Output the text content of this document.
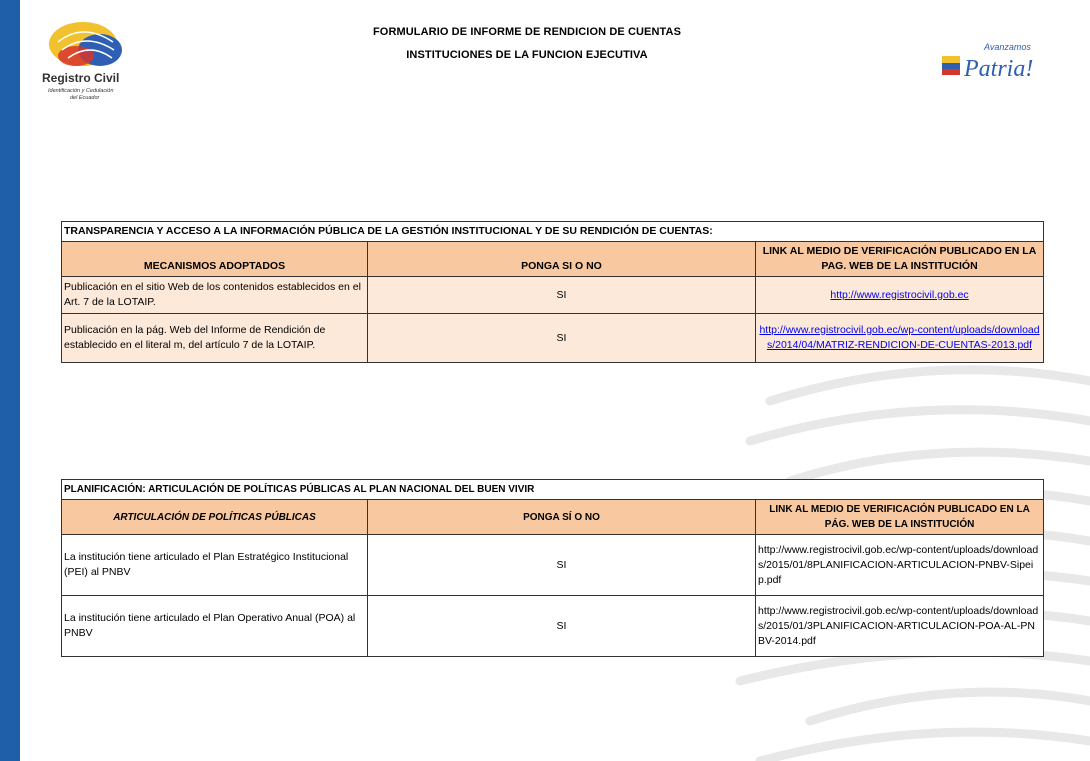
Registro Civil
Identificación y Cedulación
del Ecuador
Avanzamos
Patria!
FORMULARIO DE INFORME DE RENDICION DE CUENTAS
INSTITUCIONES DE LA FUNCION EJECUTIVA
TRANSPARENCIA Y ACCESO A LA INFORMACIÓN PÚBLICA DE LA GESTIÓN INSTITUCIONAL Y DE SU RENDICIÓN DE CUENTAS:		
MECANISMOS ADOPTADOS	PONGA SI O NO	LINK AL MEDIO DE VERIFICACIÓN PUBLICADO EN LA PAG. WEB DE LA INSTITUCIÓN
Publicación en el sitio Web de los contenidos establecidos en el Art. 7 de la LOTAIP.	SI	http://www.registrocivil.gob.ec
Publicación en la pág. Web del Informe de Rendición de establecido en el literal m, del artículo 7 de la LOTAIP.	SI	http://www.registrocivil.gob.ec/wp-content/uploads/downloads/2014/04/MATRIZ-RENDICION-DE-CUENTAS-2013.pdf
PLANIFICACIÓN: ARTICULACIÓN DE POLÍTICAS PÚBLICAS AL PLAN NACIONAL DEL BUEN VIVIR		
ARTICULACIÓN DE POLÍTICAS PÚBLICAS	PONGA SÍ O NO	LINK AL MEDIO DE VERIFICACIÓN PUBLICADO EN LA PÁG. WEB DE LA INSTITUCIÓN
La institución tiene articulado el Plan Estratégico Institucional (PEI) al PNBV	SI	http://www.registrocivil.gob.ec/wp-content/uploads/downloads/2015/01/8PLANIFICACION-ARTICULACION-PNBV-Sipeip.pdf
La institución tiene articulado el Plan Operativo Anual (POA) al PNBV	SI	http://www.registrocivil.gob.ec/wp-content/uploads/downloads/2015/01/3PLANIFICACION-ARTICULACION-POA-AL-PNBV-2014.pdf
